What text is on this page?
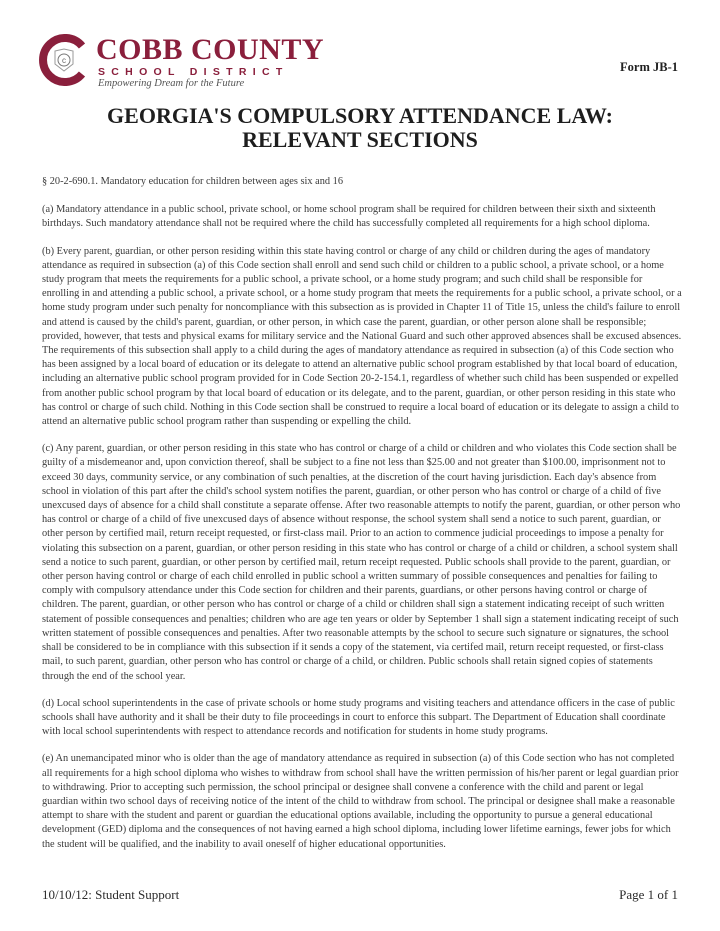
c COBB COUNTY
SCHOOL DISTRICT
Empowering Dream for the Future
Form JB-1
GEORGIA'S COMPULSORY ATTENDANCE LAW:
RELEVANT SECTIONS

§ 20-2-690.1. Mandatory education for children between ages six and 16

(a) Mandatory attendance in a public school, private school, or home school program shall be required for children between their sixth and sixteenth birthdays. Such mandatory attendance shall not be required where the child has successfully completed all requirements for a high school diploma.

(b) Every parent, guardian, or other person residing within this state having control or charge of any child or children during the ages of mandatory attendance as required in subsection (a) of this Code section shall enroll and send such child or children to a public school, a private school, or a home study program that meets the requirements for a public school, a private school, or a home study program; and such child shall be responsible for enrolling in and attending a public school, a private school, or a home study program that meets the requirements for a public school, a private school, or a home study program under such penalty for noncompliance with this subsection as is provided in Chapter 11 of Title 15, unless the child's failure to enroll and attend is caused by the child's parent, guardian, or other person, in which case the parent, guardian, or other person alone shall be responsible; provided, however, that tests and physical exams for military service and the National Guard and such other approved absences shall be excused absences. The requirements of this subsection shall apply to a child during the ages of mandatory attendance as required in subsection (a) of this Code section who has been assigned by a local board of education or its delegate to attend an alternative public school program established by that local board of education, including an alternative public school program provided for in Code Section 20-2-154.1, regardless of whether such child has been suspended or expelled from another public school program by that local board of education or its delegate, and to the parent, guardian, or other person residing in this state who has control or charge of such child. Nothing in this Code section shall be construed to require a local board of education or its delegate to assign a child to attend an alternative public school program rather than suspending or expelling the child.

(c) Any parent, guardian, or other person residing in this state who has control or charge of a child or children and who violates this Code section shall be guilty of a misdemeanor and, upon conviction thereof, shall be subject to a fine not less than $25.00 and not greater than $100.00, imprisonment not to exceed 30 days, community service, or any combination of such penalties, at the discretion of the court having jurisdiction. Each day's absence from school in violation of this part after the child's school system notifies the parent, guardian, or other person who has control or charge of a child of five unexcused days of absence for a child shall constitute a separate offense. After two reasonable attempts to notify the parent, guardian, or other person who has control or charge of a child of five unexcused days of absence without response, the school system shall send a notice to such parent, guardian, or other person by certified mail, return receipt requested, or first-class mail. Prior to an action to commence judicial proceedings to impose a penalty for violating this subsection on a parent, guardian, or other person residing in this state who has control or charge of a child or children, a school system shall send a notice to such parent, guardian, or other person by certified mail, return receipt requested. Public schools shall provide to the parent, guardian, or other person having control or charge of each child enrolled in public school a written summary of possible consequences and penalties for failing to comply with compulsory attendance under this Code section for children and their parents, guardians, or other persons having control or charge of children. The parent, guardian, or other person who has control or charge of a child or children shall sign a statement indicating receipt of such written statement of possible consequences and penalties; children who are age ten years or older by September 1 shall sign a statement indicating receipt of such written statement of possible consequences and penalties. After two reasonable attempts by the school to secure such signature or signatures, the school shall be considered to be in compliance with this subsection if it sends a copy of the statement, via certifed mail, return receipt requested, or first-class mail, to such parent, guardian, other person who has control or charge of a child, or children. Public schools shall retain signed copies of statements through the end of the school year.

(d) Local school superintendents in the case of private schools or home study programs and visiting teachers and attendance officers in the case of public schools shall have authority and it shall be their duty to file proceedings in court to enforce this subpart. The Department of Education shall coordinate with local school superintendents with respect to attendance records and notification for students in home study programs.

(e) An unemancipated minor who is older than the age of mandatory attendance as required in subsection (a) of this Code section who has not completed all requirements for a high school diploma who wishes to withdraw from school shall have the written permission of his/her parent or legal guardian prior to withdrawing. Prior to accepting such permission, the school principal or designee shall convene a conference with the child and parent or legal guardian within two school days of receiving notice of the intent of the child to withdraw from school. The principal or designee shall make a reasonable attempt to share with the student and parent or guardian the educational options available, including the opportunity to pursue a general educational development (GED) diploma and the consequences of not having earned a high school diploma, including lower lifetime earnings, fewer jobs for which the student will be qualified, and the inability to avail oneself of higher educational opportunities.

10/10/12: Student Support	Page 1 of 1
